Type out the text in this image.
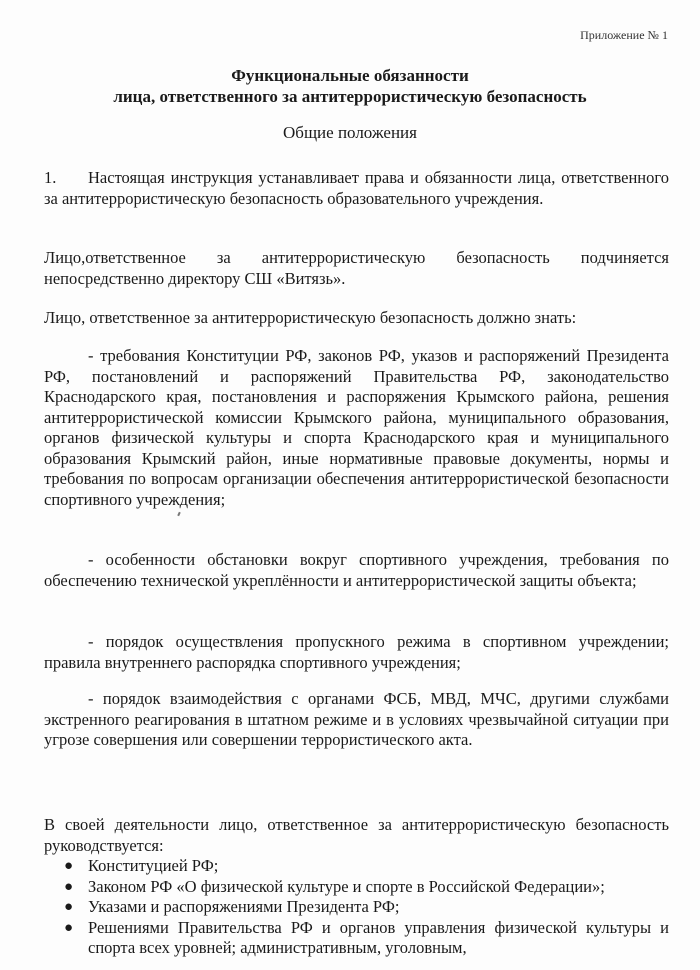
Приложение № 1
Функциональные обязанности
лица, ответственного за антитеррористическую безопасность
Общие положения
1. Настоящая инструкция устанавливает права и обязанности лица, ответственного за антитеррористическую безопасность образовательного учреждения.
Лицо,ответственное за антитеррористическую безопасность подчиняется непосредственно директору СШ «Витязь».
Лицо, ответственное за антитеррористическую безопасность должно знать:
- требования Конституции РФ, законов РФ, указов и распоряжений Президента РФ, постановлений и распоряжений Правительства РФ, законодательство Краснодарского края, постановления и распоряжения Крымского района, решения антитеррористической комиссии Крымского района, муниципального образования, органов физической культуры и спорта Краснодарского края и муниципального образования Крымский район, иные нормативные правовые документы, нормы и требования по вопросам организации обеспечения антитеррористической безопасности спортивного учреждения;
- особенности обстановки вокруг спортивного учреждения, требования по обеспечению технической укреплённости и антитеррористической защиты объекта;
- порядок осуществления пропускного режима в спортивном учреждении; правила внутреннего распорядка спортивного учреждения;
- порядок взаимодействия с органами ФСБ, МВД, МЧС, другими службами экстренного реагирования в штатном режиме и в условиях чрезвычайной ситуации при угрозе совершения или совершении террористического акта.
В своей деятельности лицо, ответственное за антитеррористическую безопасность руководствуется:
● Конституцией РФ;
● Законом РФ «О физической культуре и спорте в Российской Федерации»;
● Указами и распоряжениями Президента РФ;
● Решениями Правительства РФ и органов управления физической культуры и спорта всех уровней; административным, уголовным,
